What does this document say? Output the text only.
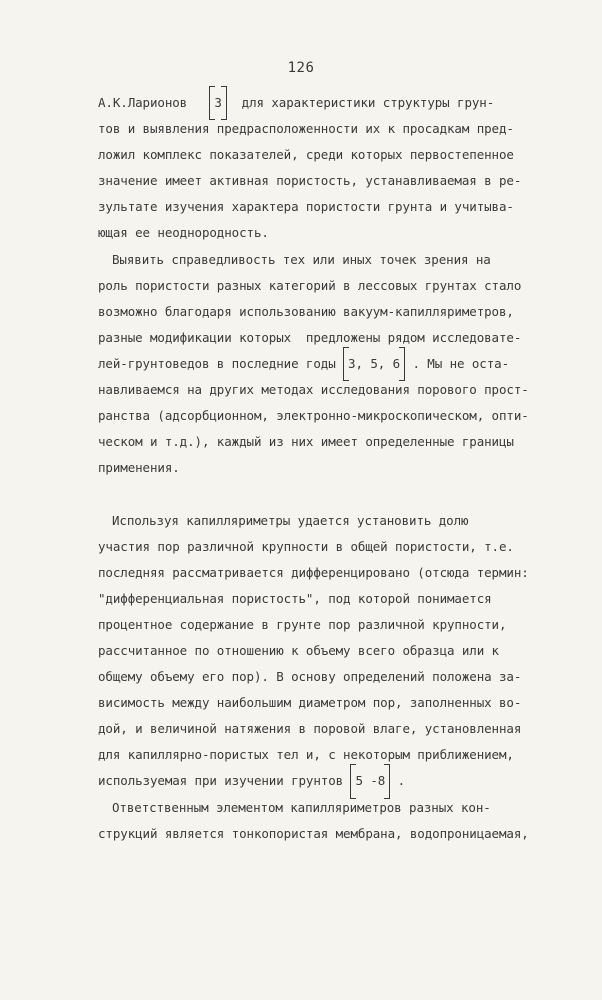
126
А.К.Ларионов   3  для характеристики структуры грун-
тов и выявления предрасположенности их к просадкам пред-
ложил комплекс показателей, среди которых первостепенное
значение имеет активная пористость, устанавливаемая в ре-
зультате изучения характера пористости грунта и учитыва-
ющая ее неоднородность.
Выявить справедливость тех или иных точек зрения на
роль пористости разных категорий в лессовых грунтах стало
возможно благодаря использованию вакуум-капилляриметров,
разные модификации которых  предложены рядом исследовате-
лей-грунтоведов в последние годы 3, 5, 6 . Мы не оста-
навливаемся на других методах исследования порового прост-
ранства (адсорбционном, электронно-микроскопическом, опти-
ческом и т.д.), каждый из них имеет определенные границы
применения.
Используя капилляриметры удается установить долю
участия пор различной крупности в общей пористости, т.е.
последняя рассматривается дифференцировано (отсюда термин:
"дифференциальная пористость", под которой понимается
процентное содержание в грунте пор различной крупности,
рассчитанное по отношению к объему всего образца или к
общему объему его пор). В основу определений положена за-
висимость между наибольшим диаметром пор, заполненных во-
дой, и величиной натяжения в поровой влаге, установленная
для капиллярно-пористых тел и, с некоторым приближением,
используемая при изучении грунтов 5 -8 .
Ответственным элементом капилляриметров разных кон-
струкций является тонкопористая мембрана, водопроницаемая,
